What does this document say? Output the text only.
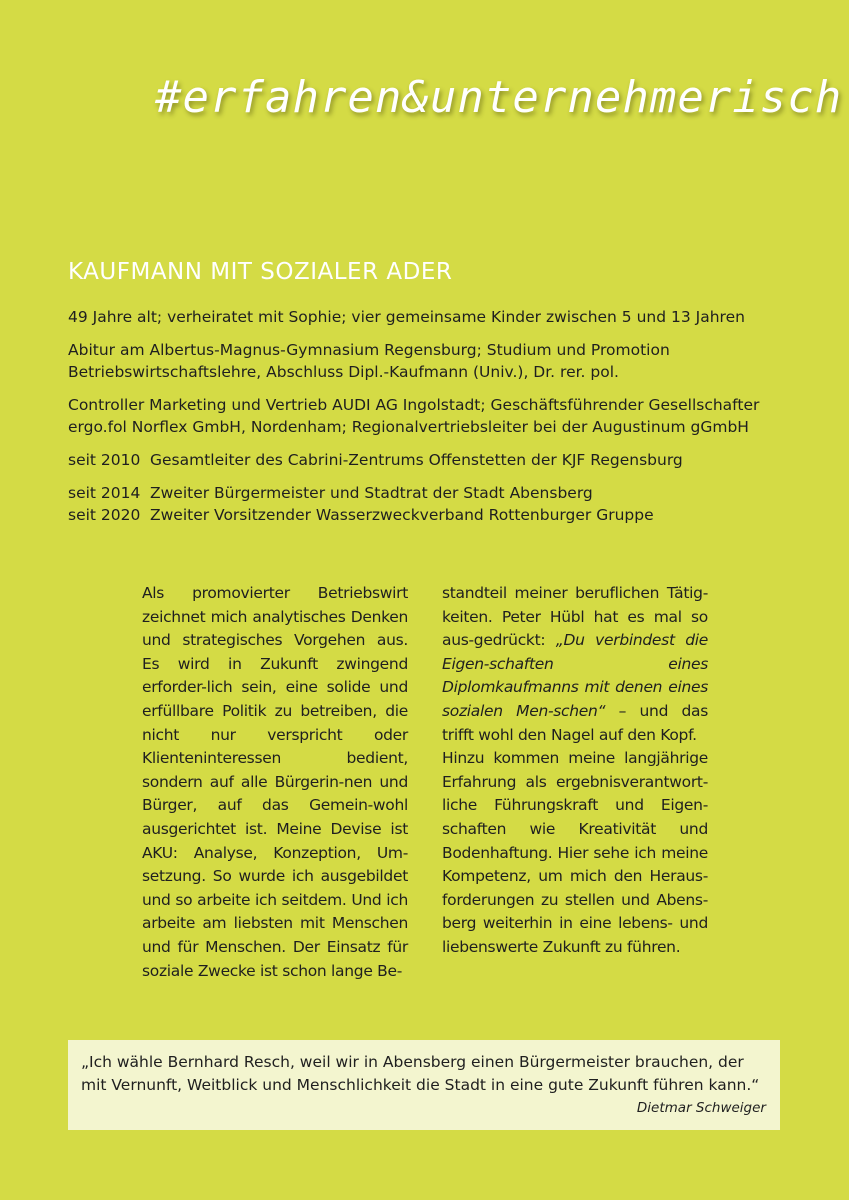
#erfahren&unternehmerisch
KAUFMANN MIT SOZIALER ADER

49 Jahre alt; verheiratet mit Sophie; vier gemeinsame Kinder zwischen 5 und 13 Jahren

Abitur am Albertus-Magnus-Gymnasium Regensburg; Studium und Promotion
Betriebswirtschaftslehre, Abschluss Dipl.-Kaufmann (Univ.), Dr. rer. pol.

Controller Marketing und Vertrieb AUDI AG Ingolstadt; Geschäftsführender Gesellschafter
ergo.fol Norflex GmbH, Nordenham; Regionalvertriebsleiter bei der Augustinum gGmbH

seit 2010 Gesamtleiter des Cabrini-Zentrums Offenstetten der KJF Regensburg
seit 2014 Zweiter Bürgermeister und Stadtrat der Stadt Abensberg
seit 2020 Zweiter Vorsitzender Wasserzweckverband Rottenburger Gruppe
Als promovierter Betriebswirt zeichnet mich analytisches Denken und strategisches Vorgehen aus. Es wird in Zukunft zwingend erforder-lich sein, eine solide und erfüllbare Politik zu betreiben, die nicht nur verspricht oder Klienteninteressen bedient, sondern auf alle Bürgerin-nen und Bürger, auf das Gemein-wohl ausgerichtet ist. Meine Devise ist AKU: Analyse, Konzeption, Um-setzung. So wurde ich ausgebildet und so arbeite ich seitdem. Und ich arbeite am liebsten mit Menschen und für Menschen. Der Einsatz für soziale Zwecke ist schon lange Be-
standteil meiner beruflichen Tätig-keiten. Peter Hübl hat es mal so aus-gedrückt: „Du verbindest die Eigen-schaften eines Diplomkaufmanns mit denen eines sozialen Men-schen“ – und das trifft wohl den Nagel auf den Kopf.
Hinzu kommen meine langjährige Erfahrung als ergebnisverantwort-liche Führungskraft und Eigen-schaften wie Kreativität und Bodenhaftung. Hier sehe ich meine Kompetenz, um mich den Heraus-forderungen zu stellen und Abens-berg weiterhin in eine lebens- und liebenswerte Zukunft zu führen.
„Ich wähle Bernhard Resch, weil wir in Abensberg einen Bürgermeister brauchen, der mit Vernunft, Weitblick und Menschlichkeit die Stadt in eine gute Zukunft führen kann.“
Dietmar Schweiger
